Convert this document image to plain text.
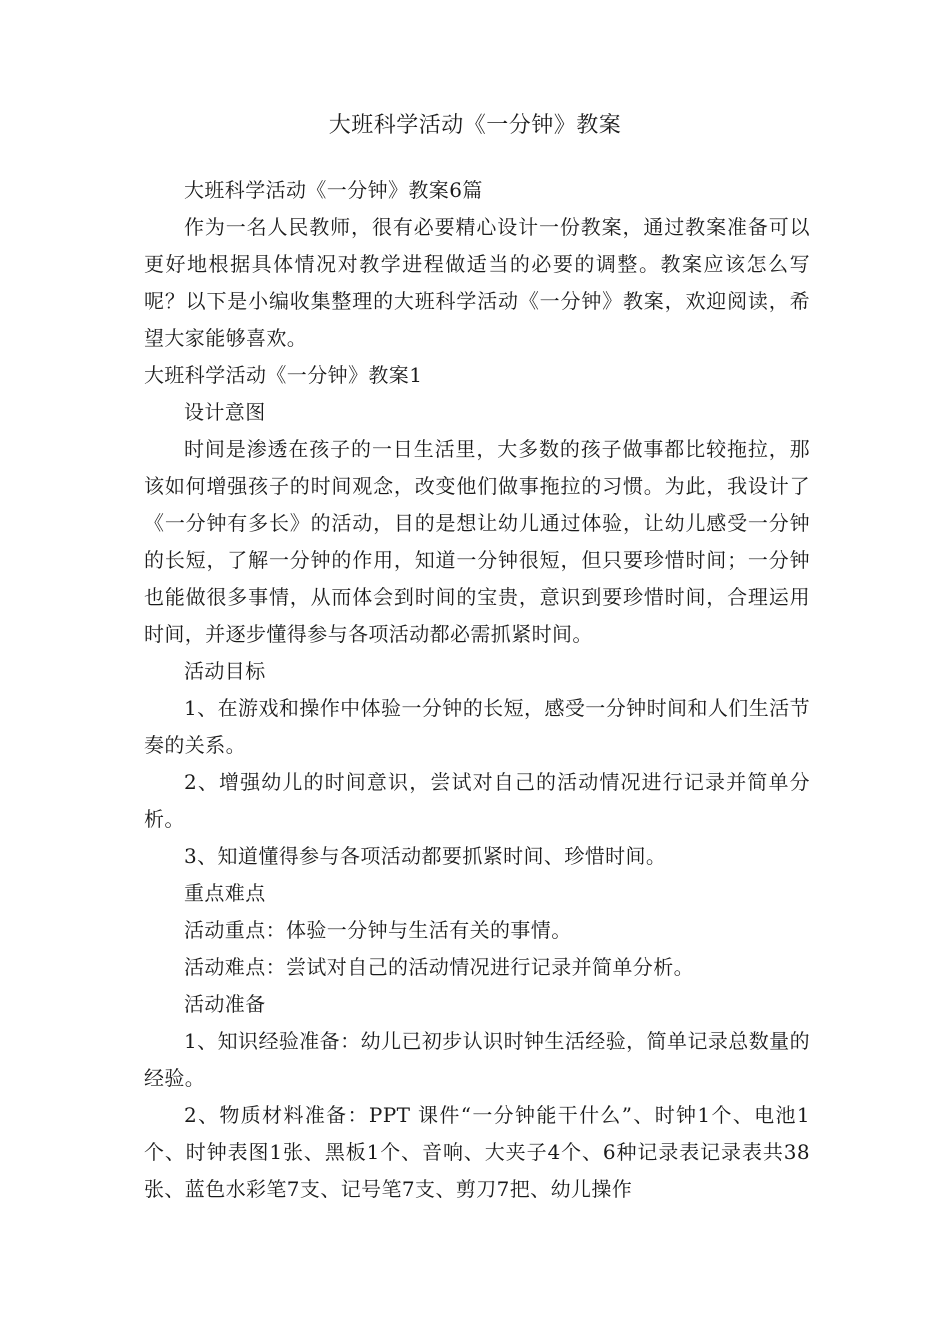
大班科学活动《一分钟》教案

大班科学活动《一分钟》教案6篇

作为一名人民教师，很有必要精心设计一份教案，通过教案准备可以更好地根据具体情况对教学进程做适当的必要的调整。教案应该怎么写呢？以下是小编收集整理的大班科学活动《一分钟》教案，欢迎阅读，希望大家能够喜欢。

大班科学活动《一分钟》教案1

设计意图

时间是渗透在孩子的一日生活里，大多数的孩子做事都比较拖拉，那该如何增强孩子的时间观念，改变他们做事拖拉的习惯。为此，我设计了《一分钟有多长》的活动，目的是想让幼儿通过体验，让幼儿感受一分钟的长短，了解一分钟的作用，知道一分钟很短，但只要珍惜时间；一分钟也能做很多事情，从而体会到时间的宝贵，意识到要珍惜时间，合理运用时间，并逐步懂得参与各项活动都必需抓紧时间。

活动目标

1、在游戏和操作中体验一分钟的长短，感受一分钟时间和人们生活节奏的关系。

2、增强幼儿的时间意识，尝试对自己的活动情况进行记录并简单分析。

3、知道懂得参与各项活动都要抓紧时间、珍惜时间。

重点难点

活动重点：体验一分钟与生活有关的事情。

活动难点：尝试对自己的活动情况进行记录并简单分析。

活动准备

1、知识经验准备：幼儿已初步认识时钟生活经验，简单记录总数量的经验。

2、物质材料准备：PPT 课件“一分钟能干什么”、时钟1个、电池1个、时钟表图1张、黑板1个、音响、大夹子4个、6种记录表记录表共38张、蓝色水彩笔7支、记号笔7支、剪刀7把、幼儿操作
